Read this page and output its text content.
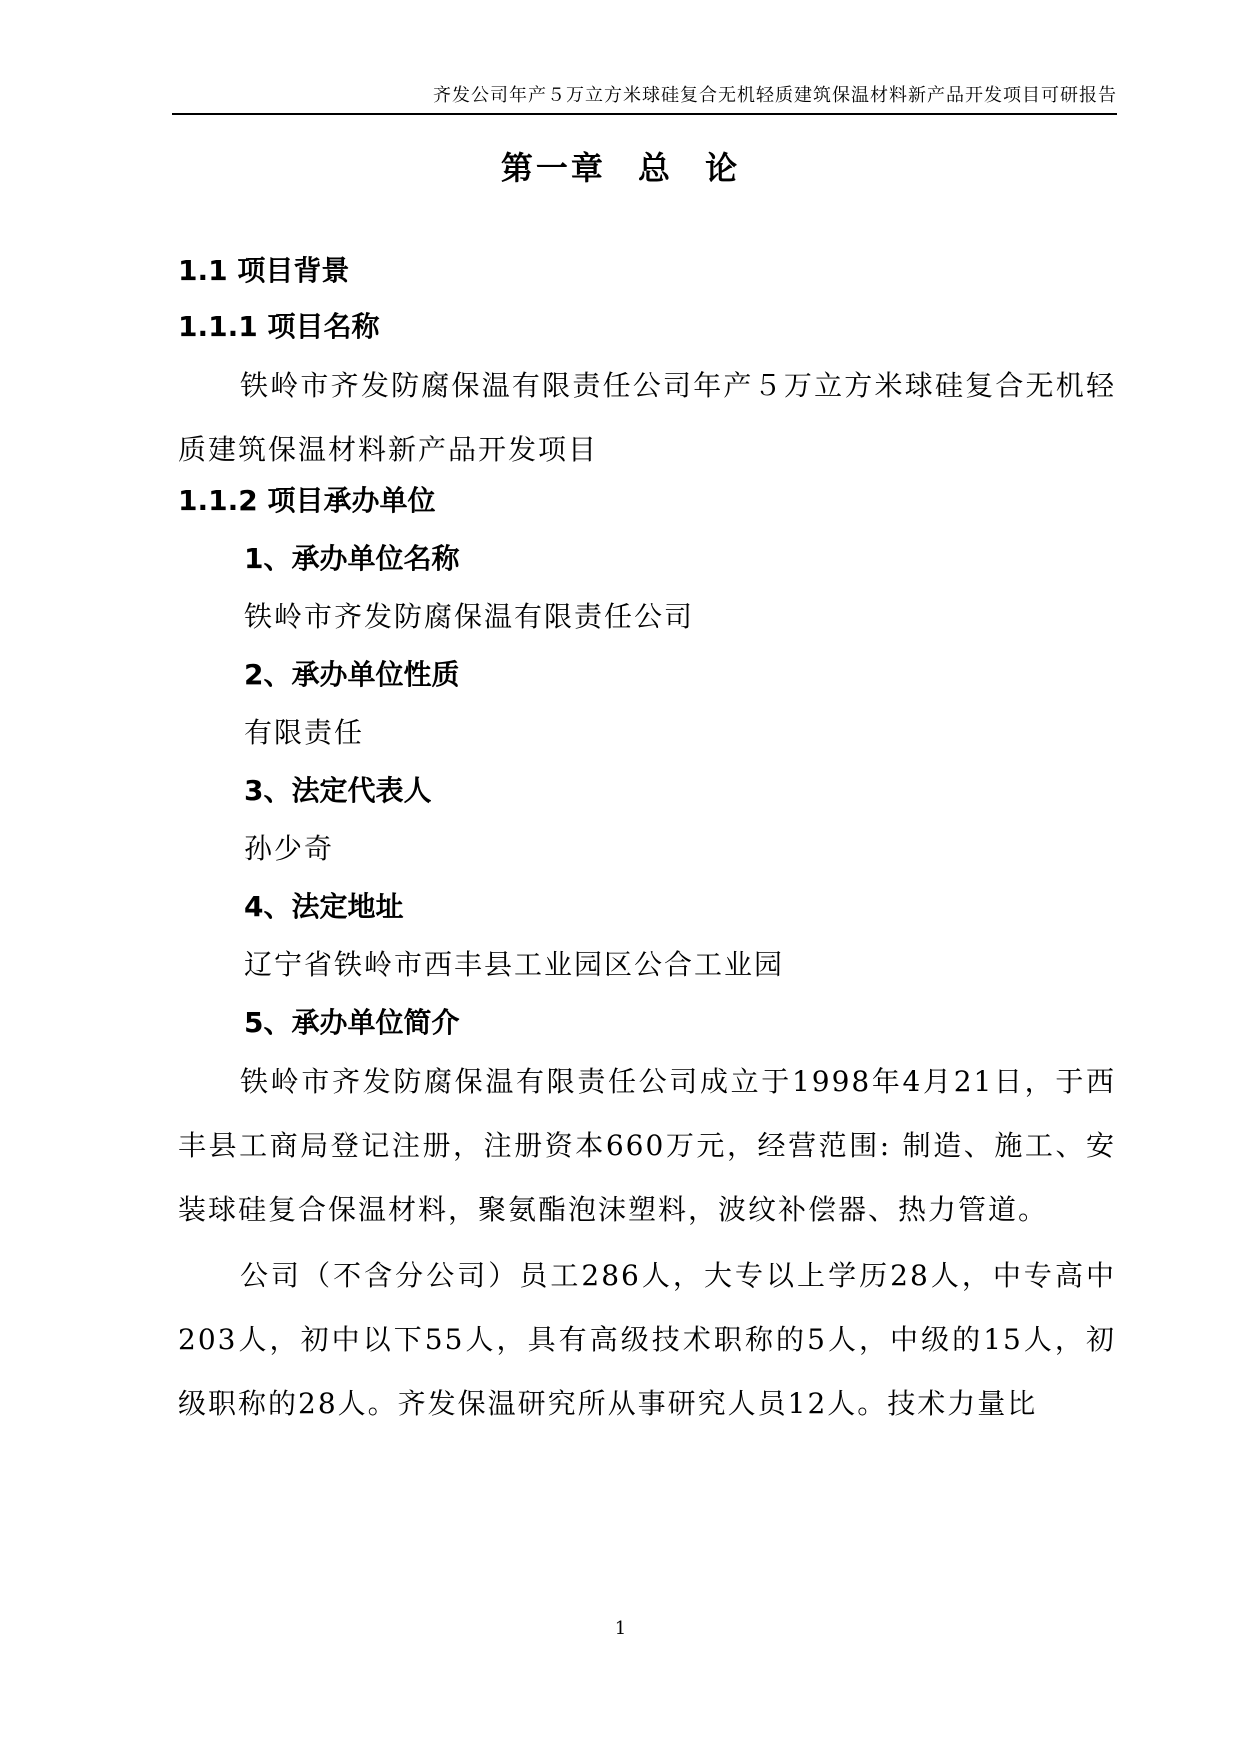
齐发公司年产５万立方米球硅复合无机轻质建筑保温材料新产品开发项目可研报告
第一章 总 论
1.1 项目背景
1.1.1 项目名称
铁岭市齐发防腐保温有限责任公司年产５万立方米球硅复合无机轻质建筑保温材料新产品开发项目
1.1.2 项目承办单位
1、承办单位名称
铁岭市齐发防腐保温有限责任公司
2、承办单位性质
有限责任
3、法定代表人
孙少奇
4、法定地址
辽宁省铁岭市西丰县工业园区公合工业园
5、承办单位简介
铁岭市齐发防腐保温有限责任公司成立于1998年4月21日，于西丰县工商局登记注册，注册资本660万元，经营范围: 制造、施工、安装球硅复合保温材料，聚氨酯泡沫塑料，波纹补偿器、热力管道。
公司（不含分公司）员工286人，大专以上学历28人，中专高中203人，初中以下55人，具有高级技术职称的5人，中级的15人，初级职称的28人。齐发保温研究所从事研究人员12人。技术力量比
1
